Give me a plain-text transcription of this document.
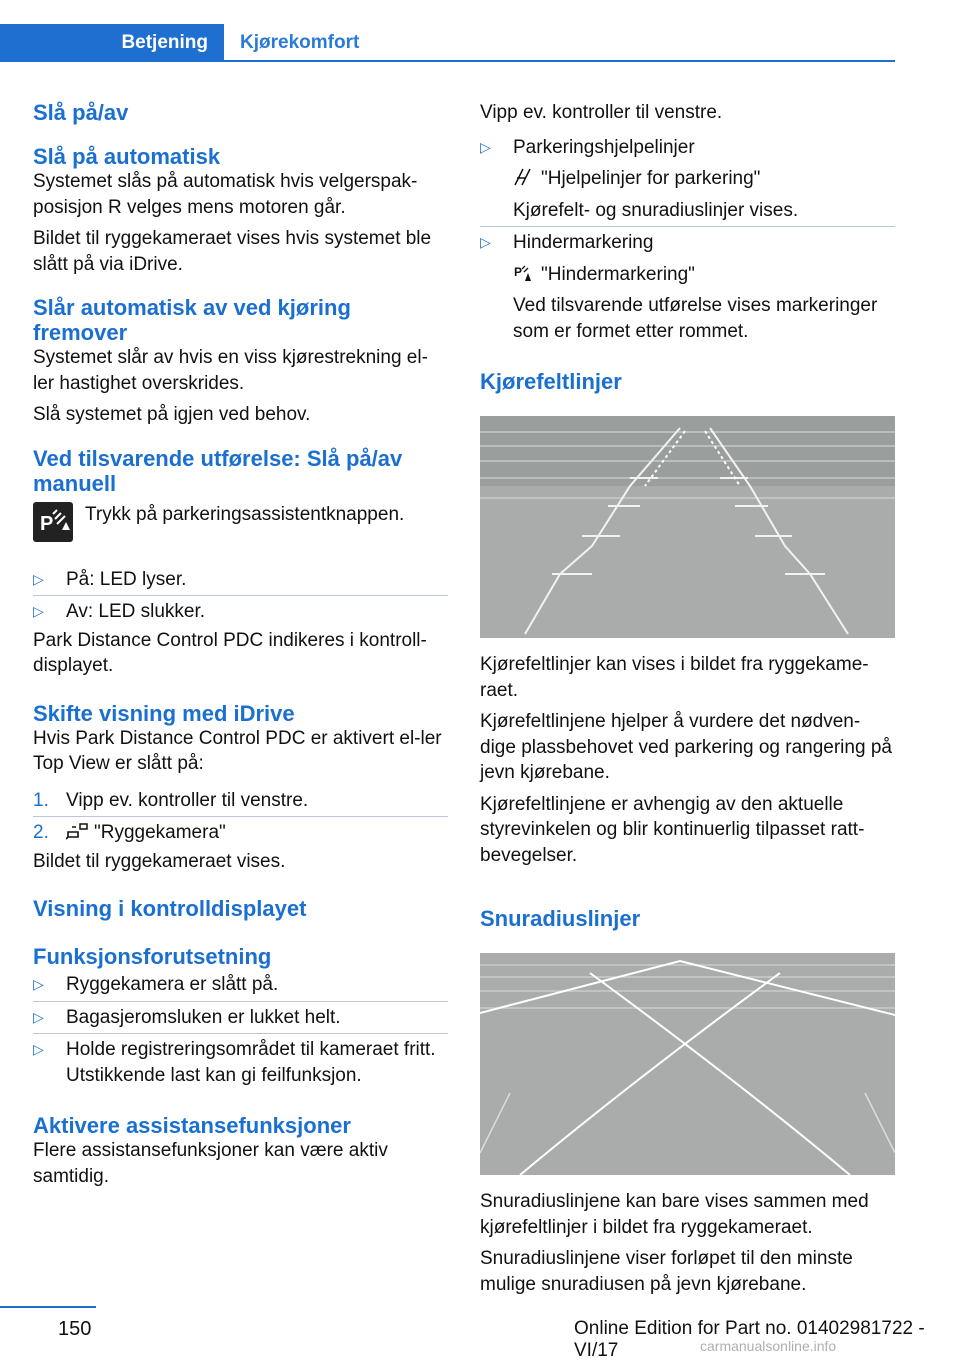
Betjening	Kjørekomfort
Slå på/av
Slå på automatisk

Systemet slås på automatisk hvis velgerspak-posisjon R velges mens motoren går.

Bildet til ryggekameraet vises hvis systemet ble slått på via iDrive.

Slår automatisk av ved kjøring fremover

Systemet slår av hvis en viss kjørestrekning el-ler hastighet overskrides.

Slå systemet på igjen ved behov.

Ved tilsvarende utførelse: Slå på/av manuell
P Trykk på parkeringsassistentknappen.
▷ På: LED lyser.
▷ Av: LED slukker.

Park Distance Control PDC indikeres i kontroll-displayet.

Skifte visning med iDrive

Hvis Park Distance Control PDC er aktivert el-ler Top View er slått på:

1. Vipp ev. kontroller til venstre.
2. "Ryggekamera"

Bildet til ryggekameraet vises.

Visning i kontrolldisplayet
Funksjonsforutsetning
▷ Ryggekamera er slått på.
▷ Bagasjeromsluken er lukket helt.
▷ Holde registreringsområdet til kameraet fritt. Utstikkende last kan gi feilfunksjon.
Aktivere assistansefunksjoner

Flere assistansefunksjoner kan være aktiv samtidig.

Vipp ev. kontroller til venstre.

▷ Parkeringshjelpelinjer
"Hjelpelinjer for parkering"
Kjørefelt- og snuradiuslinjer vises.
▷ Hindermarkering
P "Hindermarkering"
Ved tilsvarende utførelse vises markeringer som er formet etter rommet.
Kjørefeltlinjer

Kjørefeltlinjer kan vises i bildet fra ryggekame-raet.

Kjørefeltlinjene hjelper å vurdere det nødven-dige plassbehovet ved parkering og rangering på jevn kjørebane.

Kjørefeltlinjene er avhengig av den aktuelle styrevinkelen og blir kontinuerlig tilpasset ratt-bevegelser.

Snuradiuslinjer

Snuradiuslinjene kan bare vises sammen med kjørefeltlinjer i bildet fra ryggekameraet.

Snuradiuslinjene viser forløpet til den minste mulige snuradiusen på jevn kjørebane.

150	Online Edition for Part no. 01402981722 - VI/17	carmanualsonline.info
